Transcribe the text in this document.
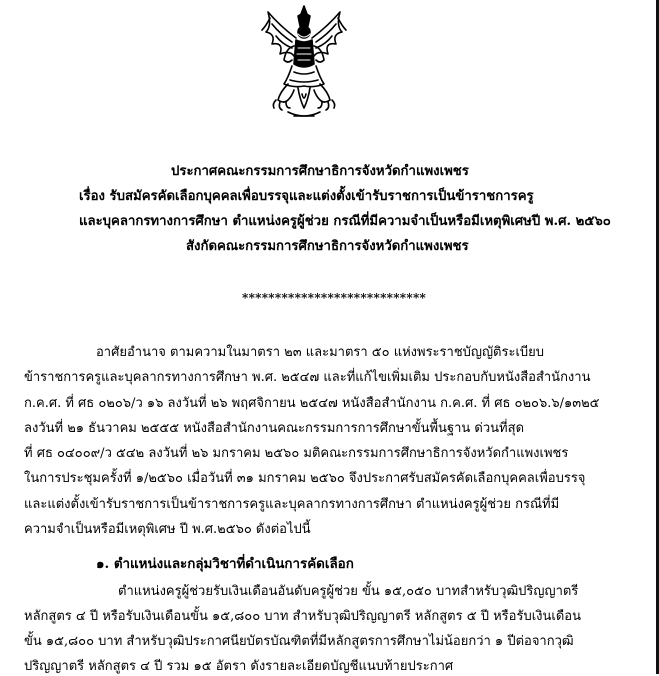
ประกาศคณะกรรมการศึกษาธิการจังหวัดกำแพงเพชร
เรื่อง รับสมัครคัดเลือกบุคคลเพื่อบรรจุและแต่งตั้งเข้ารับราชการเป็นข้าราชการครู
และบุคลากรทางการศึกษา ตำแหน่งครูผู้ช่วย กรณีที่มีความจำเป็นหรือมีเหตุพิเศษปี พ.ศ. ๒๕๖๐
สังกัดคณะกรรมการศึกษาธิการจังหวัดกำแพงเพชร
****************************
อาศัยอำนาจ ตามความในมาตรา ๒๓ และมาตรา ๕๐ แห่งพระราชบัญญัติระเบียบ
ข้าราชการครูและบุคลากรทางการศึกษา พ.ศ. ๒๕๔๗ และที่แก้ไขเพิ่มเติม ประกอบกับหนังสือสำนักงาน
ก.ค.ศ. ที่ ศธ ๐๒๐๖/ว ๑๖ ลงวันที่ ๒๖ พฤศจิกายน ๒๕๔๗ หนังสือสำนักงาน ก.ค.ศ. ที่ ศธ ๐๒๐๖.๖/๑๓๒๕
ลงวันที่ ๒๑ ธันวาคม ๒๕๕๕ หนังสือสำนักงานคณะกรรมการการศึกษาขั้นพื้นฐาน ด่วนที่สุด
ที่ ศธ ๐๔๐๐๙/ว ๕๔๒ ลงวันที่ ๒๖ มกราคม ๒๕๖๐ มติคณะกรรมการศึกษาธิการจังหวัดกำแพงเพชร
ในการประชุมครั้งที่ ๑/๒๕๖๐ เมื่อวันที่ ๓๑ มกราคม ๒๕๖๐ จึงประกาศรับสมัครคัดเลือกบุคคลเพื่อบรรจุ
และแต่งตั้งเข้ารับราชการเป็นข้าราชการครูและบุคลากรทางการศึกษา ตำแหน่งครูผู้ช่วย กรณีที่มี
ความจำเป็นหรือมีเหตุพิเศษ ปี พ.ศ.๒๕๖๐ ดังต่อไปนี้
๑. ตำแหน่งและกลุ่มวิชาที่ดำเนินการคัดเลือก
ตำแหน่งครูผู้ช่วยรับเงินเดือนอันดับครูผู้ช่วย ขั้น ๑๕,๐๕๐ บาทสำหรับวุฒิปริญญาตรี
หลักสูตร ๔ ปี หรือรับเงินเดือนขั้น ๑๕,๘๐๐ บาท สำหรับวุฒิปริญญาตรี หลักสูตร ๕ ปี หรือรับเงินเดือน
ขั้น ๑๕,๘๐๐ บาท สำหรับวุฒิประกาศนียบัตรบัณฑิตที่มีหลักสูตรการศึกษาไม่น้อยกว่า ๑ ปีต่อจากวุฒิ
ปริญญาตรี หลักสูตร ๔ ปี รวม ๑๕ อัตรา ดังรายละเอียดบัญชีแนบท้ายประกาศ
